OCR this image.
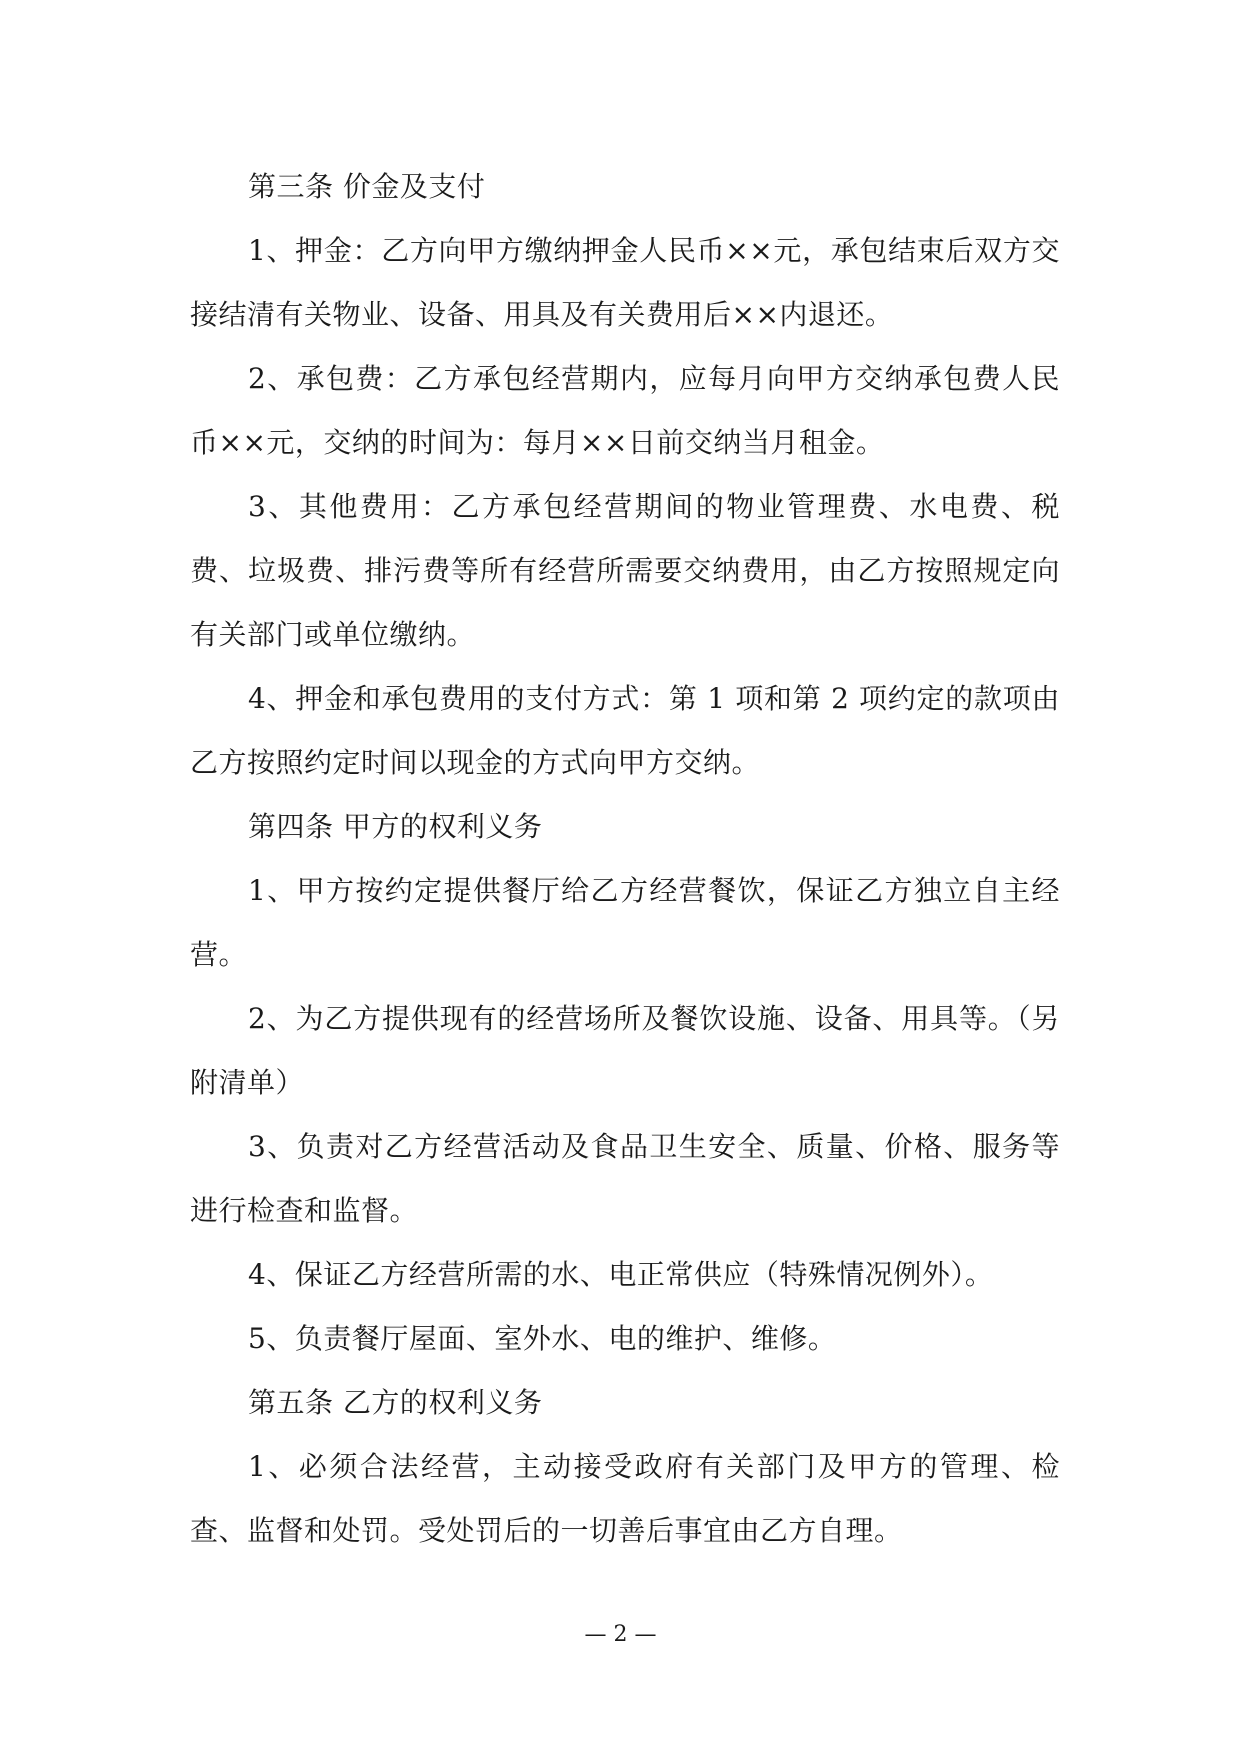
第三条 价金及支付

1、押金：乙方向甲方缴纳押金人民币××元，承包结束后双方交接结清有关物业、设备、用具及有关费用后××内退还。

2、承包费：乙方承包经营期内，应每月向甲方交纳承包费人民币××元，交纳的时间为：每月××日前交纳当月租金。

3、其他费用：乙方承包经营期间的物业管理费、水电费、税费、垃圾费、排污费等所有经营所需要交纳费用，由乙方按照规定向有关部门或单位缴纳。

4、押金和承包费用的支付方式：第 1 项和第 2 项约定的款项由乙方按照约定时间以现金的方式向甲方交纳。

第四条 甲方的权利义务

1、甲方按约定提供餐厅给乙方经营餐饮，保证乙方独立自主经营。

2、为乙方提供现有的经营场所及餐饮设施、设备、用具等。（另附清单）

3、负责对乙方经营活动及食品卫生安全、质量、价格、服务等进行检查和监督。

4、保证乙方经营所需的水、电正常供应（特殊情况例外）。

5、负责餐厅屋面、室外水、电的维护、维修。

第五条 乙方的权利义务

1、必须合法经营，主动接受政府有关部门及甲方的管理、检查、监督和处罚。受处罚后的一切善后事宜由乙方自理。

— 2 —
